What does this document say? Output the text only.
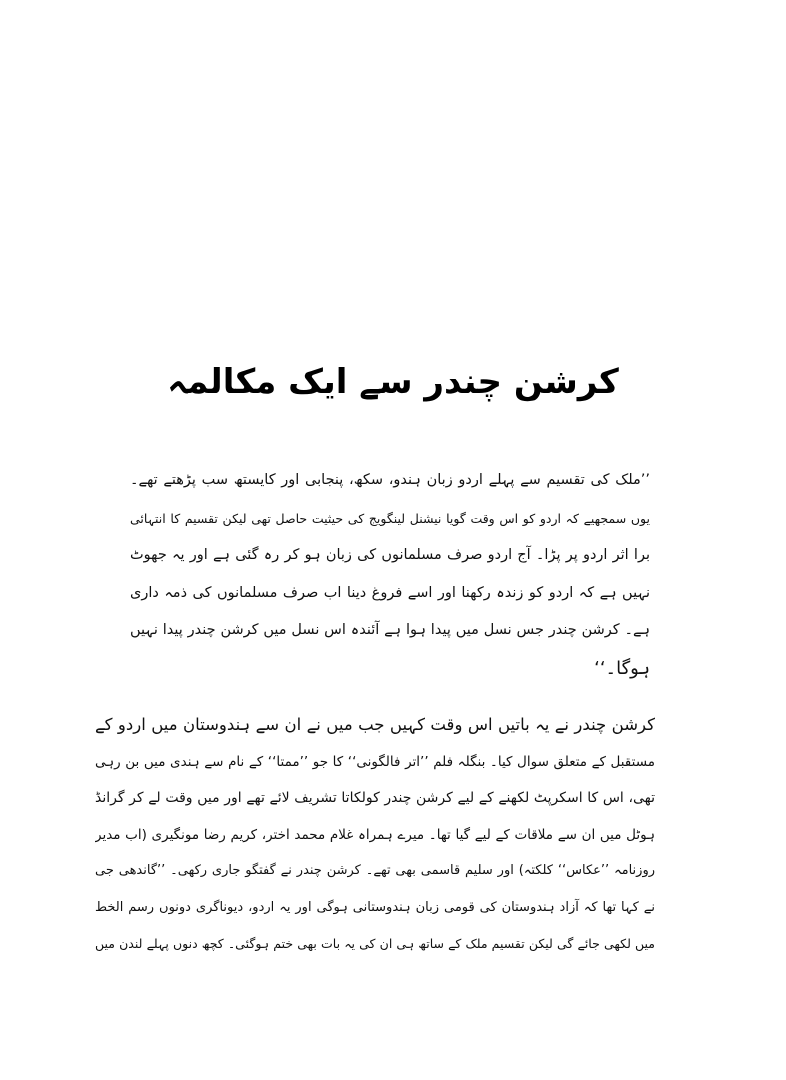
کرشن چندر سے ایک مکالمہ
’’ملک کی تقسیم سے پہلے اردو زبان ہندو، سکھ، پنجابی اور کایستھ سب پڑھتے تھے۔
یوں سمجھیے کہ اردو کو اس وقت گویا نیشنل لینگویج کی حیثیت حاصل تھی لیکن تقسیم کا انتہائی
برا اثر اردو پر پڑا۔ آج اردو صرف مسلمانوں کی زبان ہو کر رہ گئی ہے اور یہ جھوٹ
نہیں ہے کہ اردو کو زندہ رکھنا اور اسے فروغ دینا اب صرف مسلمانوں کی ذمہ داری
ہے۔ کرشن چندر جس نسل میں پیدا ہوا ہے آئندہ اس نسل میں کرشن چندر پیدا نہیں
ہوگا۔‘‘
کرشن چندر نے یہ باتیں اس وقت کہیں جب میں نے ان سے ہندوستان میں اردو کے
مستقبل کے متعلق سوال کیا۔ بنگلہ فلم ’’اتر فالگونی‘‘ کا جو ’’ممتا‘‘ کے نام سے ہندی میں بن رہی
تھی، اس کا اسکرپٹ لکھنے کے لیے کرشن چندر کولکاتا تشریف لائے تھے اور میں وقت لے کر گرانڈ
ہوٹل میں ان سے ملاقات کے لیے گیا تھا۔ میرے ہمراہ غلام محمد اختر، کریم رضا مونگیری (اب مدیر
روزنامہ ’’عکاس‘‘ کلکتہ) اور سلیم قاسمی بھی تھے۔ کرشن چندر نے گفتگو جاری رکھی۔ ’’گاندھی جی
نے کہا تھا کہ آزاد ہندوستان کی قومی زبان ہندوستانی ہوگی اور یہ اردو، دیوناگری دونوں رسم الخط
میں لکھی جائے گی لیکن تقسیم ملک کے ساتھ ہی ان کی یہ بات بھی ختم ہوگئی۔ کچھ دنوں پہلے لندن میں
